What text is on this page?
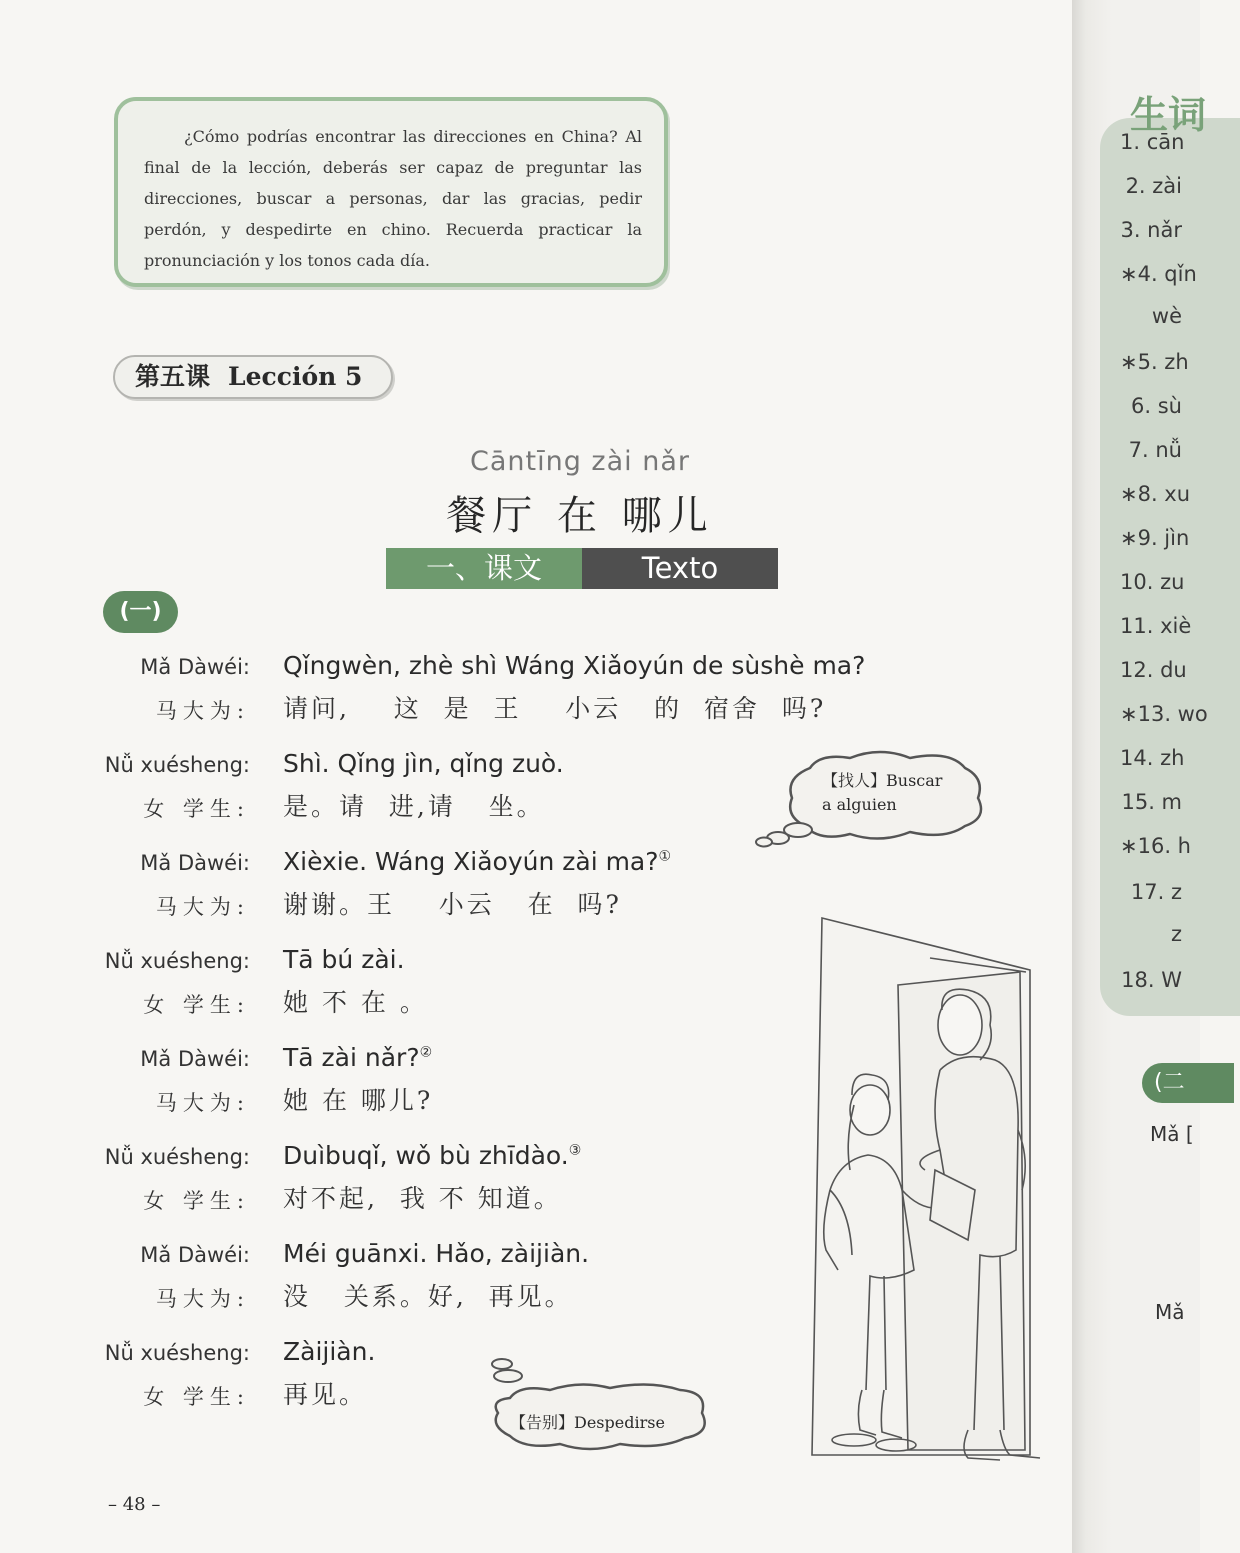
¿Cómo podrías encontrar las direcciones en China? Al final de la lección, deberás ser capaz de preguntar las direcciones, buscar a personas, dar las gracias, pedir perdón, y despedirte en chino. Recuerda practicar la pronunciación y los tonos cada día.
第五课 Lección 5
Cāntīng zài nǎr
餐厅 在 哪儿
一、课文	Texto
(一)
Mǎ Dàwéi:
马大为:
Qǐngwèn, zhè shì Wáng Xiǎoyún de sùshè ma?
请问,    这  是  王    小云   的  宿舍  吗?
Nǚ xuésheng:
女 学生:
Shì. Qǐng jìn, qǐng zuò.
是。请  进,请   坐。
Mǎ Dàwéi:
马大为:
Xièxie. Wáng Xiǎoyún zài ma?①
谢谢。王    小云   在  吗?
Nǚ xuésheng:
女 学生:
Tā bú zài.
她 不 在 。
Mǎ Dàwéi:
马大为:
Tā zài nǎr?②
她 在 哪儿?
Nǚ xuésheng:
女 学生:
Duìbuqǐ, wǒ bù zhīdào.③
对不起,  我 不 知道。
Mǎ Dàwéi:
马大为:
Méi guānxi. Hǎo, zàijiàn.
没   关系。好,  再见。
Nǚ xuésheng:
女 学生:
Zàijiàn.
再见。
【找人】Buscar
a alguien
【告别】Despedirse
– 48 –
生词
1. cān
2. zài
3. nǎr
∗4. qǐn
wè
∗5. zh
6. sù
7. nǚ
∗8. xu
∗9. jìn
10. zu
11. xiè
12. du
∗13. wo
14. zh
15. m
∗16. h
17. z
z
18. W
(二
Mǎ [
Mǎ
